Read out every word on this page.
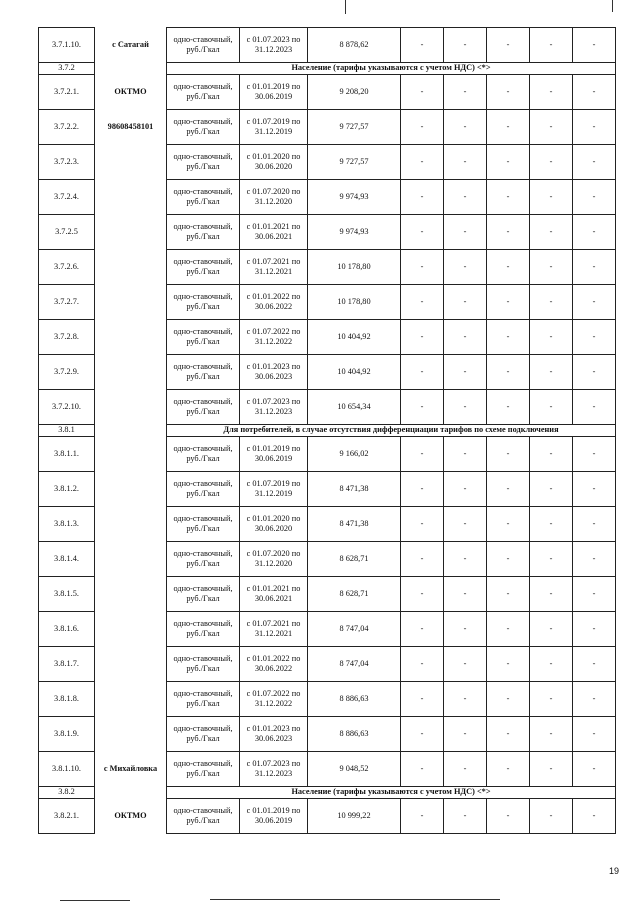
3.7.1.10.	с Сатагай	одно-ставочный, руб./Гкал	с 01.07.2023 по 31.12.2023	8 878,62	-	-	-	-	-
3.7.2		Население (тарифы указываются с учетом НДС) <*>							
3.7.2.1.	ОКТМО	одно-ставочный, руб./Гкал	с 01.01.2019 по 30.06.2019	9 208,20	-	-	-	-	-
3.7.2.2.	98608458101	одно-ставочный, руб./Гкал	с 01.07.2019 по 31.12.2019	9 727,57	-	-	-	-	-
3.7.2.3.		одно-ставочный, руб./Гкал	с 01.01.2020 по 30.06.2020	9 727,57	-	-	-	-	-
3.7.2.4.		одно-ставочный, руб./Гкал	с 01.07.2020 по 31.12.2020	9 974,93	-	-	-	-	-
3.7.2.5		одно-ставочный, руб./Гкал	с 01.01.2021 по 30.06.2021	9 974,93	-	-	-	-	-
3.7.2.6.		одно-ставочный, руб./Гкал	с 01.07.2021 по 31.12.2021	10 178,80	-	-	-	-	-
3.7.2.7.		одно-ставочный, руб./Гкал	с 01.01.2022 по 30.06.2022	10 178,80	-	-	-	-	-
3.7.2.8.		одно-ставочный, руб./Гкал	с 01.07.2022 по 31.12.2022	10 404,92	-	-	-	-	-
3.7.2.9.		одно-ставочный, руб./Гкал	с 01.01.2023 по 30.06.2023	10 404,92	-	-	-	-	-
3.7.2.10.		одно-ставочный, руб./Гкал	с 01.07.2023 по 31.12.2023	10 654,34	-	-	-	-	-
3.8.1		Для потребителей, в случае отсутствия дифференциации тарифов по схеме подключения							
3.8.1.1.		одно-ставочный, руб./Гкал	с 01.01.2019 по 30.06.2019	9 166,02	-	-	-	-	-
3.8.1.2.		одно-ставочный, руб./Гкал	с 01.07.2019 по 31.12.2019	8 471,38	-	-	-	-	-
3.8.1.3.		одно-ставочный, руб./Гкал	с 01.01.2020 по 30.06.2020	8 471,38	-	-	-	-	-
3.8.1.4.		одно-ставочный, руб./Гкал	с 01.07.2020 по 31.12.2020	8 628,71	-	-	-	-	-
3.8.1.5.		одно-ставочный, руб./Гкал	с 01.01.2021 по 30.06.2021	8 628,71	-	-	-	-	-
3.8.1.6.		одно-ставочный, руб./Гкал	с 01.07.2021 по 31.12.2021	8 747,04	-	-	-	-	-
3.8.1.7.		одно-ставочный, руб./Гкал	с 01.01.2022 по 30.06.2022	8 747,04	-	-	-	-	-
3.8.1.8.		одно-ставочный, руб./Гкал	с 01.07.2022 по 31.12.2022	8 886,63	-	-	-	-	-
3.8.1.9.		одно-ставочный, руб./Гкал	с 01.01.2023 по 30.06.2023	8 886,63	-	-	-	-	-
3.8.1.10.	с Михайловка	одно-ставочный, руб./Гкал	с 01.07.2023 по 31.12.2023	9 048,52	-	-	-	-	-
3.8.2		Население (тарифы указываются с учетом НДС) <*>							
3.8.2.1.	ОКТМО	одно-ставочный, руб./Гкал	с 01.01.2019 по 30.06.2019	10 999,22	-	-	-	-	-
19
